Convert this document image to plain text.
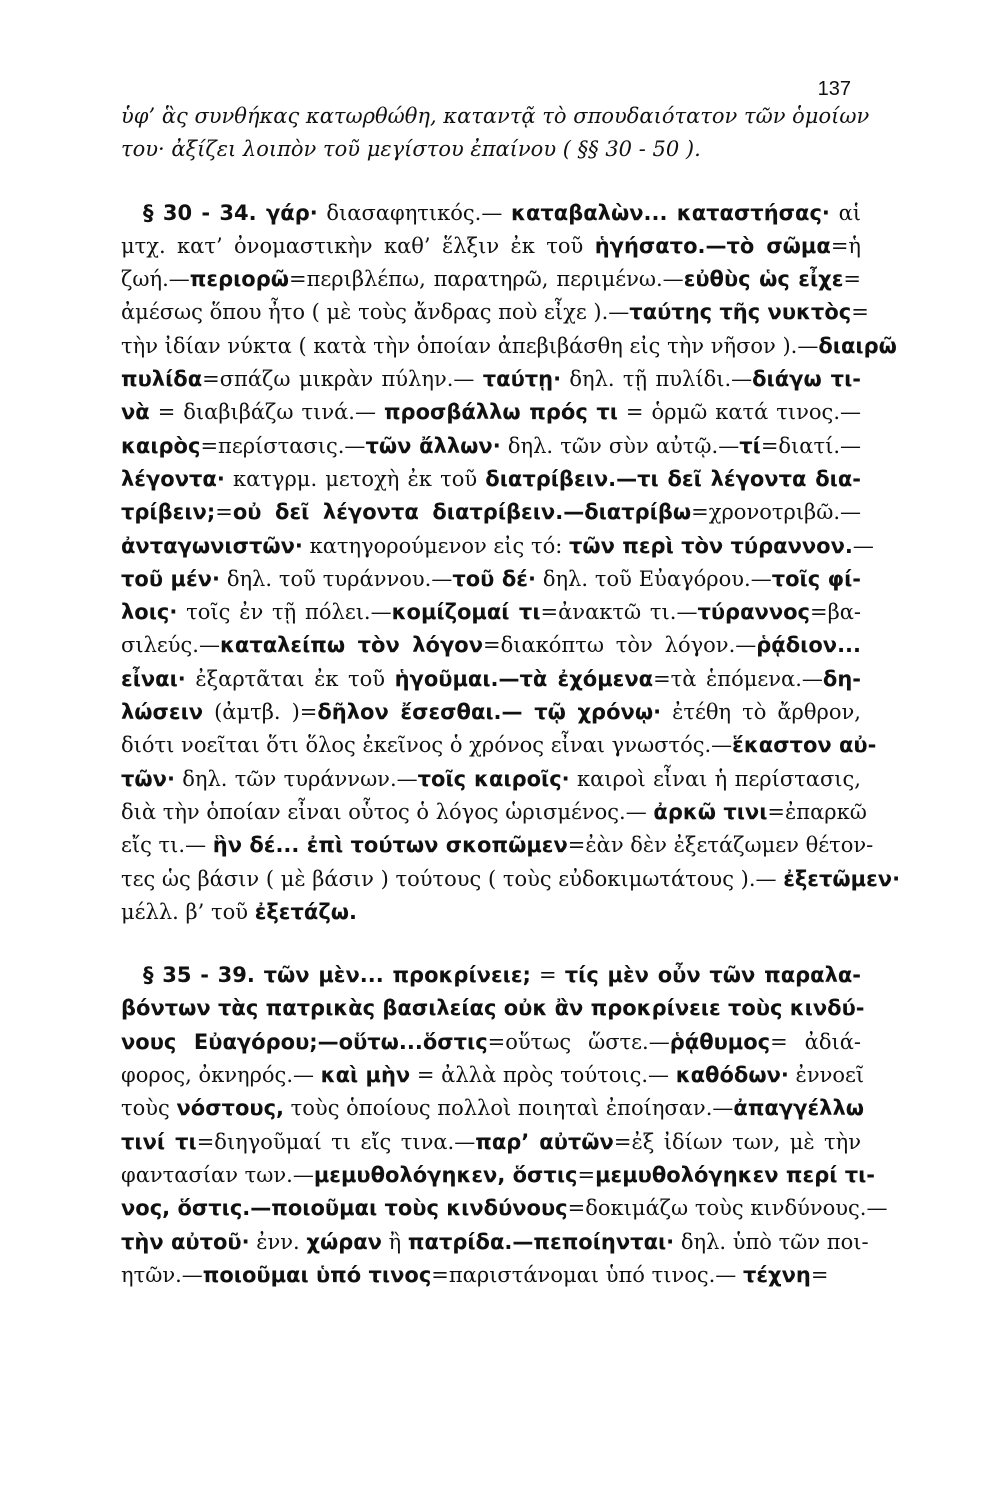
137
ὑφ’ ἃς συνθήκας κατωρθώθη, καταντᾷ τὸ σπουδαιότατον τῶν ὁμοίων
του· ἀξίζει λοιπὸν τοῦ μεγίστου ἐπαίνου ( §§ 30 - 50 ).
§ 30 - 34. γάρ· διασαφητικός.— καταβαλὼν... καταστήσας· αἱ
μτχ. κατ’ ὀνομαστικὴν καθ’ ἕλξιν ἐκ τοῦ ἡγήσατο.—τὸ σῶμα=ἡ
ζωή.—περιορῶ=περιβλέπω, παρατηρῶ, περιμένω.—εὐθὺς ὡς εἶχε=
ἀμέσως ὅπου ἦτο ( μὲ τοὺς ἄνδρας ποὺ εἶχε ).—ταύτης τῆς νυκτὸς=
τὴν ἰδίαν νύκτα ( κατὰ τὴν ὁποίαν ἀπεβιβάσθη εἰς τὴν νῆσον ).—διαιρῶ
πυλίδα=σπάζω μικρὰν πύλην.— ταύτῃ· δηλ. τῇ πυλίδι.—διάγω τι-
νὰ = διαβιβάζω τινά.— προσβάλλω πρός τι = ὁρμῶ κατά τινος.—
καιρὸς=περίστασις.—τῶν ἄλλων· δηλ. τῶν σὺν αὐτῷ.—τί=διατί.—
λέγοντα· κατγρμ. μετοχὴ ἐκ τοῦ διατρίβειν.—τι δεῖ λέγοντα δια-
τρίβειν;=οὐ δεῖ λέγοντα διατρίβειν.—διατρίβω=χρονοτριβῶ.—
ἀνταγωνιστῶν· κατηγορούμενον εἰς τό: τῶν περὶ τὸν τύραννον.—
τοῦ μέν· δηλ. τοῦ τυράννου.—τοῦ δέ· δηλ. τοῦ Εὐαγόρου.—τοῖς φί-
λοις· τοῖς ἐν τῇ πόλει.—κομίζομαί τι=ἀνακτῶ τι.—τύραννος=βα-
σιλεύς.—καταλείπω τὸν λόγον=διακόπτω τὸν λόγον.—ῥᾴδιον...
εἶναι· ἐξαρτᾶται ἐκ τοῦ ἡγοῦμαι.—τὰ ἐχόμενα=τὰ ἑπόμενα.—δη-
λώσειν (ἀμτβ. )=δῆλον ἔσεσθαι.— τῷ χρόνῳ· ἐτέθη τὸ ἄρθρον,
διότι νοεῖται ὅτι ὅλος ἐκεῖνος ὁ χρόνος εἶναι γνωστός.—ἕκαστον αὐ-
τῶν· δηλ. τῶν τυράννων.—τοῖς καιροῖς· καιροὶ εἶναι ἡ περίστασις,
διὰ τὴν ὁποίαν εἶναι οὗτος ὁ λόγος ὡρισμένος.— ἀρκῶ τινι=ἐπαρκῶ
εἴς τι.— ἣν δέ... ἐπὶ τούτων σκοπῶμεν=ἐὰν δὲν ἐξετάζωμεν θέτον-
τες ὡς βάσιν ( μὲ βάσιν ) τούτους ( τοὺς εὐδοκιμωτάτους ).— ἐξετῶμεν·
μέλλ. β’ τοῦ ἐξετάζω.
§ 35 - 39. τῶν μὲν... προκρίνειε; = τίς μὲν οὖν τῶν παραλα-
βόντων τὰς πατρικὰς βασιλείας οὐκ ἂν προκρίνειε τοὺς κινδύ-
νους Εὐαγόρου;—οὕτω...ὅστις=οὕτως ὥστε.—ῥᾴθυμος= ἀδιά-
φορος, ὀκνηρός.— καὶ μὴν = ἀλλὰ πρὸς τούτοις.— καθόδων· ἐννοεῖ
τοὺς νόστους, τοὺς ὁποίους πολλοὶ ποιηταὶ ἐποίησαν.—ἀπαγγέλλω
τινί τι=διηγοῦμαί τι εἴς τινα.—παρ’ αὐτῶν=ἐξ ἰδίων των, μὲ τὴν
φαντασίαν των.—μεμυθολόγηκεν, ὅστις=μεμυθολόγηκεν περί τι-
νος, ὅστις.—ποιοῦμαι τοὺς κινδύνους=δοκιμάζω τοὺς κινδύνους.—
τὴν αὐτοῦ· ἐνν. χώραν ἢ πατρίδα.—πεποίηνται· δηλ. ὑπὸ τῶν ποι-
ητῶν.—ποιοῦμαι ὑπό τινος=παριστάνομαι ὑπό τινος.— τέχνη=
